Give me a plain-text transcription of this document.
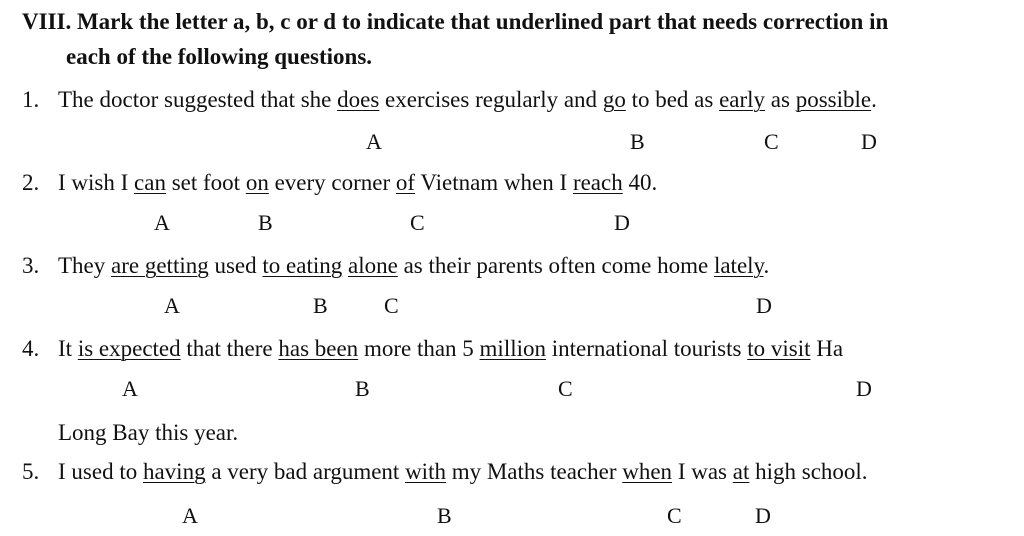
VIII. Mark the letter a, b, c or d to indicate that underlined part that needs correction in
each of the following questions.
1. The doctor suggested that she does exercises regularly and go to bed as early as possible.
A	B	C	D
2. I wish I can set foot on every corner of Vietnam when I reach 40.
A	B	C	D
3. They are getting used to eating alone as their parents often come home lately.
A	B	C	D
4. It is expected that there has been more than 5 million international tourists to visit Ha
A	B	C	D
Long Bay this year.
5. I used to having a very bad argument with my Maths teacher when I was at high school.
A	B	C	D
